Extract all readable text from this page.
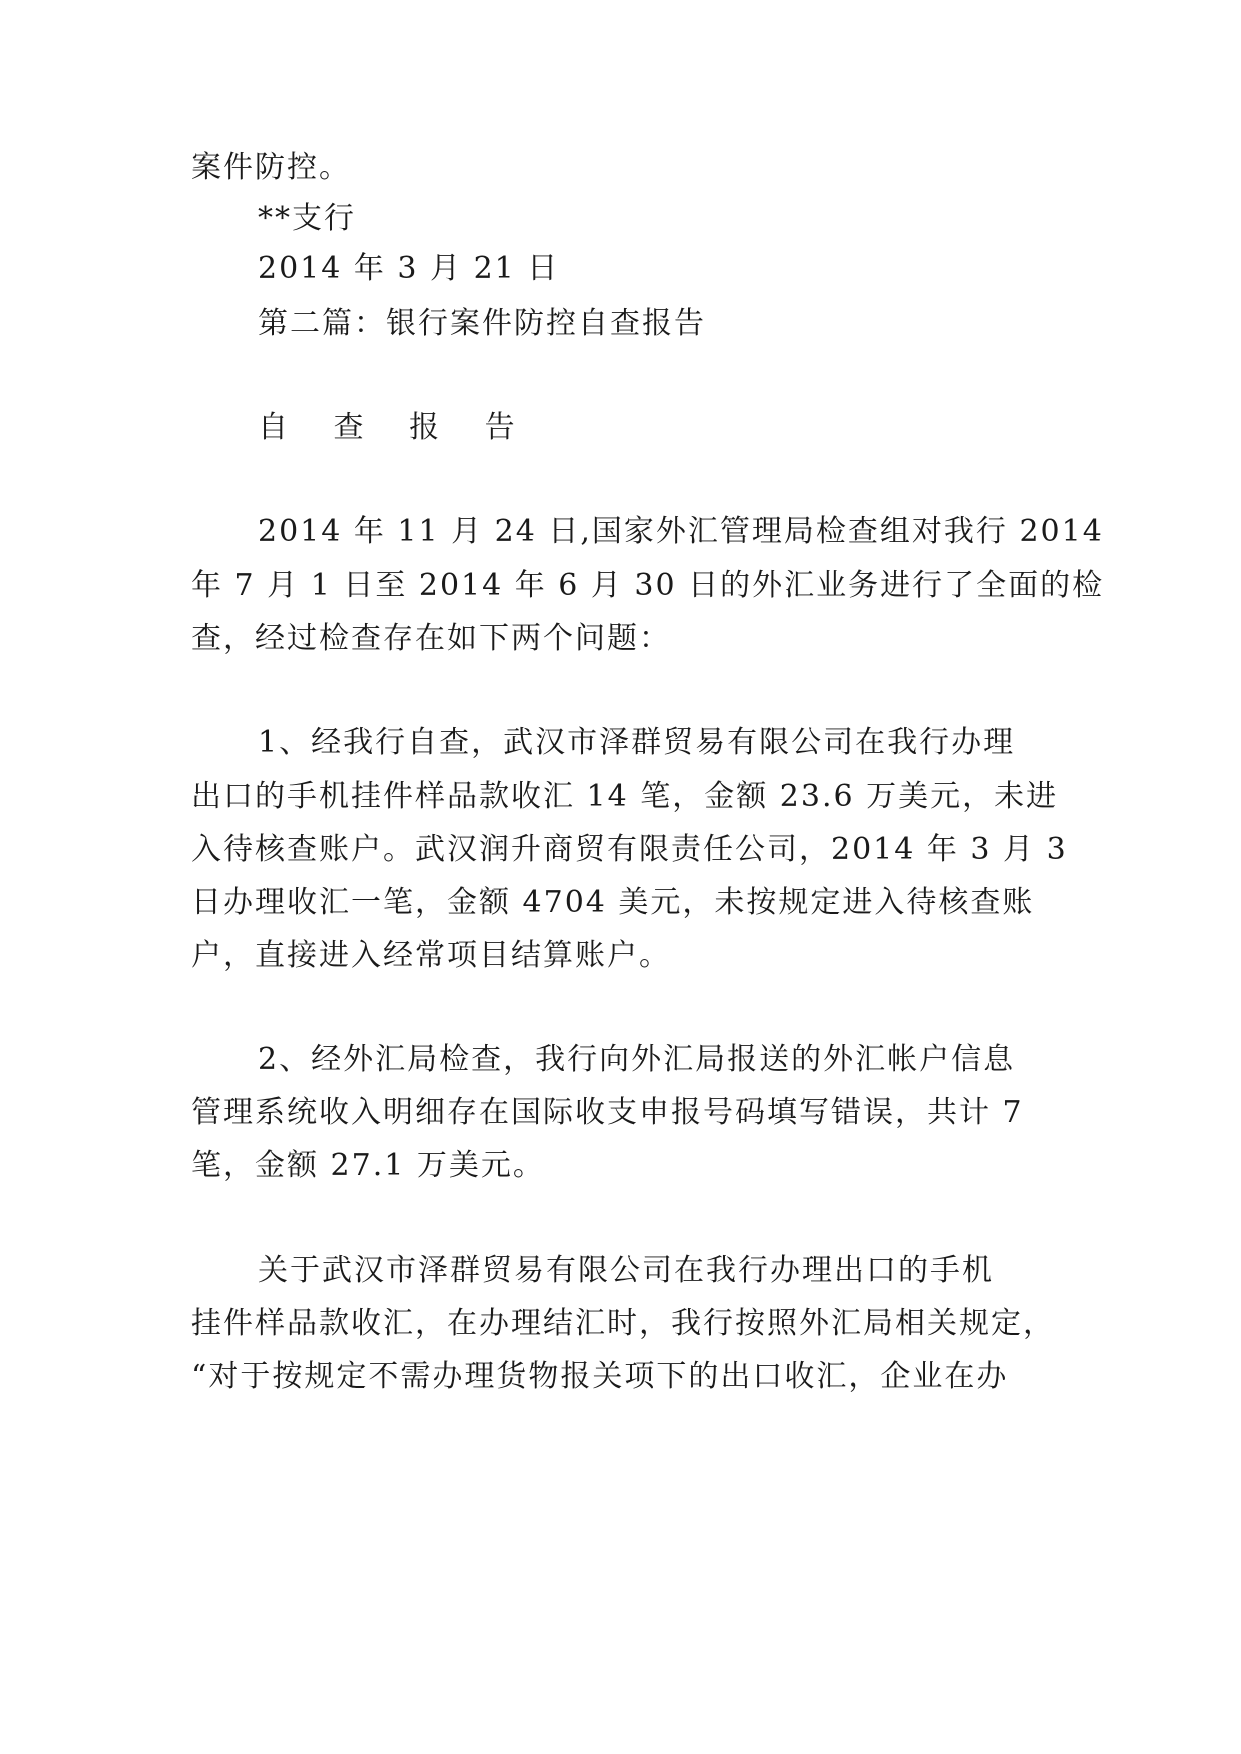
案件防控。
**支行
2014 年 3 月 21 日
第二篇：银行案件防控自查报告
自 查 报 告
2014 年 11 月 24 日,国家外汇管理局检查组对我行 2014
年 7 月 1 日至 2014 年 6 月 30 日的外汇业务进行了全面的检
查，经过检查存在如下两个问题：
1、经我行自查，武汉市泽群贸易有限公司在我行办理
出口的手机挂件样品款收汇 14 笔，金额 23.6 万美元，未进
入待核查账户。武汉润升商贸有限责任公司，2014 年 3 月 3
日办理收汇一笔，金额 4704 美元，未按规定进入待核查账
户，直接进入经常项目结算账户。
2、经外汇局检查，我行向外汇局报送的外汇帐户信息
管理系统收入明细存在国际收支申报号码填写错误，共计 7
笔，金额 27.1 万美元。
关于武汉市泽群贸易有限公司在我行办理出口的手机
挂件样品款收汇，在办理结汇时，我行按照外汇局相关规定，
“对于按规定不需办理货物报关项下的出口收汇，企业在办
